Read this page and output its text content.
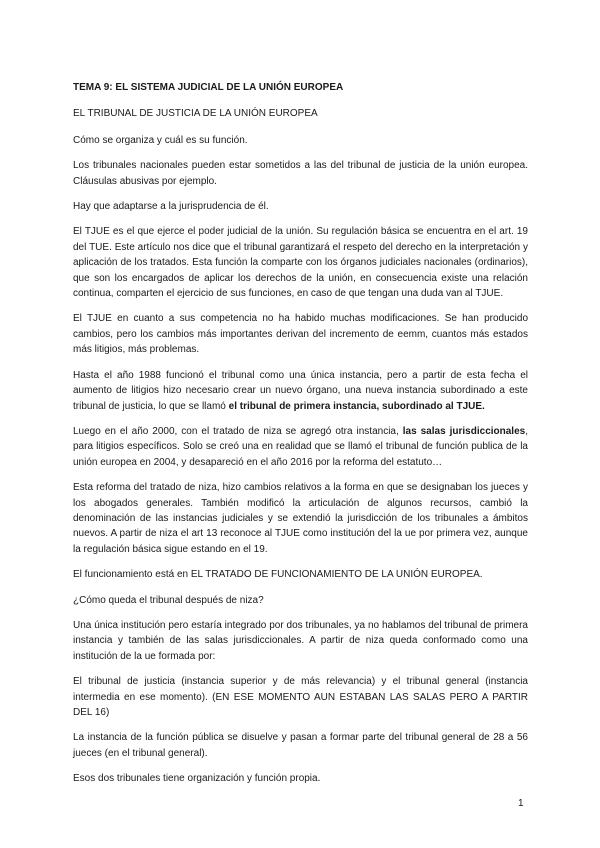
TEMA 9: EL SISTEMA JUDICIAL DE LA UNIÓN EUROPEA

EL TRIBUNAL DE JUSTICIA DE LA UNIÓN EUROPEA

Cómo se organiza y cuál es su función.

Los tribunales nacionales pueden estar sometidos a las del tribunal de justicia de la unión europea. Cláusulas abusivas por ejemplo.

Hay que adaptarse a la jurisprudencia de él.

El TJUE es el que ejerce el poder judicial de la unión. Su regulación básica se encuentra en el art. 19 del TUE. Este artículo nos dice que el tribunal garantizará el respeto del derecho en la interpretación y aplicación de los tratados. Esta función la comparte con los órganos judiciales nacionales (ordinarios), que son los encargados de aplicar los derechos de la unión, en consecuencia existe una relación continua, comparten el ejercicio de sus funciones, en caso de que tengan una duda van al TJUE.

El TJUE en cuanto a sus competencia no ha habido muchas modificaciones. Se han producido cambios, pero los cambios más importantes derivan del incremento de eemm, cuantos más estados más litigios, más problemas.

Hasta el año 1988 funcionó el tribunal como una única instancia, pero a partir de esta fecha el aumento de litigios hizo necesario crear un nuevo órgano, una nueva instancia subordinado a este tribunal de justicia, lo que se llamó el tribunal de primera instancia, subordinado al TJUE.

Luego en el año 2000, con el tratado de niza se agregó otra instancia, las salas jurisdiccionales, para litigios específicos. Solo se creó una en realidad que se llamó el tribunal de función publica de la unión europea en 2004, y desapareció en el año 2016 por la reforma del estatuto…

Esta reforma del tratado de niza, hizo cambios relativos a la forma en que se designaban los jueces y los abogados generales. También modificó la articulación de algunos recursos, cambió la denominación de las instancias judiciales y se extendió la jurisdicción de los tribunales a ámbitos nuevos. A partir de niza el art 13 reconoce al TJUE como institución del la ue por primera vez, aunque la regulación básica sigue estando en el 19.

El funcionamiento está en EL TRATADO DE FUNCIONAMIENTO DE LA UNIÓN EUROPEA.

¿Cómo queda el tribunal después de niza?

Una única institución pero estaría integrado por dos tribunales, ya no hablamos del tribunal de primera instancia y también de las salas jurisdiccionales. A partir de niza queda conformado como una institución de la ue formada por:

El tribunal de justicia (instancia superior y de más relevancia) y el tribunal general (instancia intermedia en ese momento). (EN ESE MOMENTO AUN ESTABAN LAS SALAS PERO A PARTIR DEL 16)

La instancia de la función pública se disuelve y pasan a formar parte del tribunal general de 28 a 56 jueces (en el tribunal general).

Esos dos tribunales tiene organización y función propia.

1
